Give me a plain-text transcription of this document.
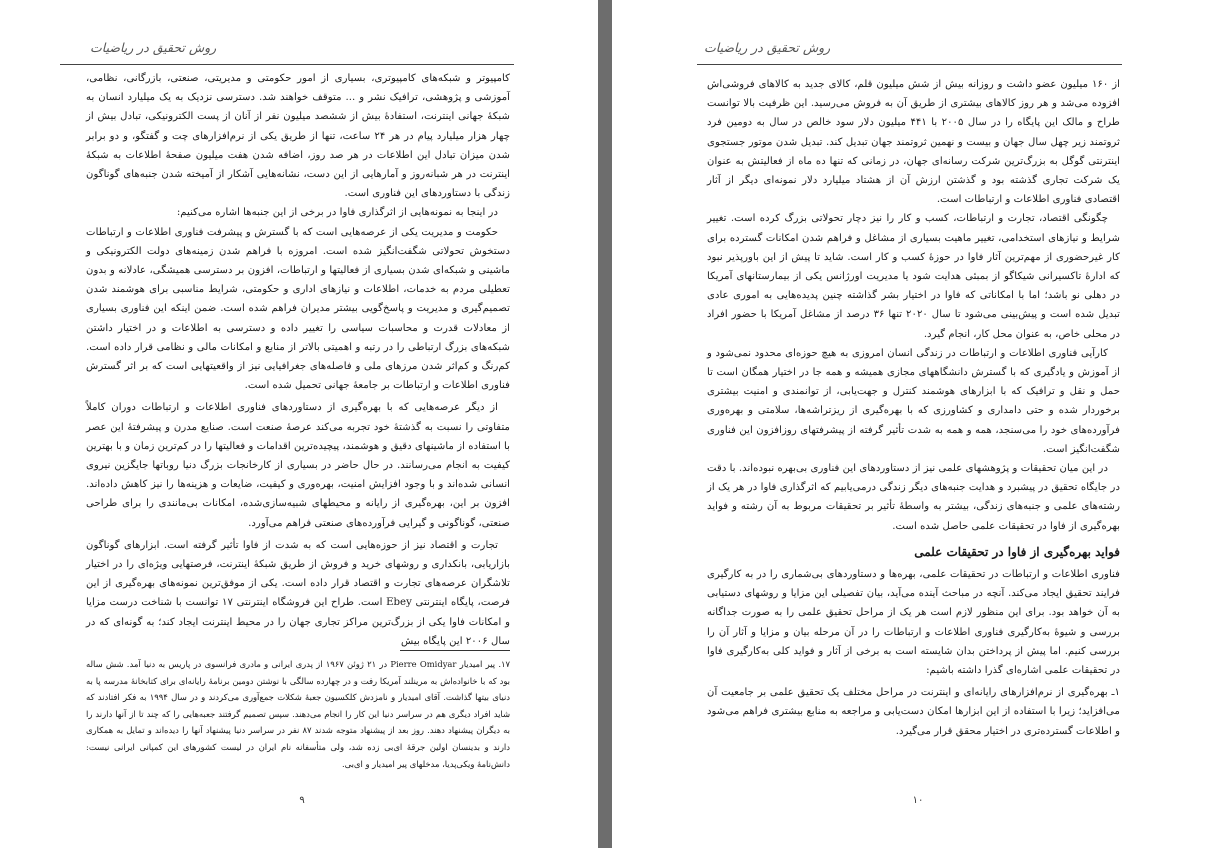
روش تحقیق در ریاضیات

کامپیوتر و شبکه‌های کامپیوتری، بسیاری از امور حکومتی و مدیریتی، صنعتی، بازرگانی، نظامی، آموزشی و پژوهشی، ترافیک نشر و ... متوقف خواهند شد. دسترسی نزدیک به یک میلیارد انسان به شبکهٔ جهانی اینترنت، استفادهٔ بیش از ششصد میلیون نفر از آنان از پست الکترونیکی، تبادل بیش از چهار هزار میلیارد پیام در هر ۲۴ ساعت، تنها از طریق یکی از نرم‌افزارهای چت و گفتگو، و دو برابر شدن میزان تبادل این اطلاعات در هر صد روز، اضافه شدن هفت میلیون صفحهٔ اطلاعات به شبکهٔ اینترنت در هر شبانه‌روز و آمارهایی از این دست، نشانه‌هایی آشکار از آمیخته شدن جنبه‌های گوناگون زندگی با دستاوردهای این فناوری است.

در اینجا به نمونه‌هایی از اثرگذاری فاوا در برخی از این جنبه‌ها اشاره می‌کنیم:

حکومت و مدیریت یکی از عرصه‌هایی است که با گسترش و پیشرفت فناوری اطلاعات و ارتباطات دستخوش تحولاتی شگفت‌انگیز شده است. امروزه با فراهم شدن زمینه‌های دولت الکترونیکی و ماشینی و شبکه‌ای شدن بسیاری از فعالیتها و ارتباطات، افزون بر دسترسی همیشگی، عادلانه و بدون تعطیلی مردم به خدمات، اطلاعات و نیازهای اداری و حکومتی، شرایط مناسبی برای هوشمند شدن تصمیم‌گیری و مدیریت و پاسخ‌گویی بیشتر مدیران فراهم شده است. ضمن اینکه این فناوری بسیاری از معادلات قدرت و محاسبات سیاسی را تغییر داده و دسترسی به اطلاعات و در اختیار داشتن شبکه‌های بزرگ ارتباطی را در رتبه و اهمیتی بالاتر از منابع و امکانات مالی و نظامی قرار داده است. کم‌رنگ و کم‌اثر شدن مرزهای ملی و فاصله‌های جغرافیایی نیز از واقعیتهایی است که بر اثر گسترش فناوری اطلاعات و ارتباطات بر جامعهٔ جهانی تحمیل شده است.

از دیگر عرصه‌هایی که با بهره‌گیری از دستاوردهای فناوری اطلاعات و ارتباطات دوران کاملاً متفاوتی را نسبت به گذشتهٔ خود تجربه می‌کند عرصهٔ صنعت است. صنایع مدرن و پیشرفتهٔ این عصر با استفاده از ماشینهای دقیق و هوشمند، پیچیده‌ترین اقدامات و فعالیتها را در کم‌ترین زمان و با بهترین کیفیت به انجام می‌رسانند. در حال حاضر در بسیاری از کارخانجات بزرگ دنیا روباتها جایگزین نیروی انسانی شده‌اند و با وجود افزایش امنیت، بهره‌وری و کیفیت، ضایعات و هزینه‌ها را نیز کاهش داده‌اند. افزون بر این، بهره‌گیری از رایانه و محیطهای شبیه‌سازی‌شده، امکانات بی‌مانندی را برای طراحی صنعتی، گوناگونی و گیرایی فرآورده‌های صنعتی فراهم می‌آورد.

تجارت و اقتصاد نیز از حوزه‌هایی است که به شدت از فاوا تأثیر گرفته است. ابزارهای گوناگون بازاریابی، بانکداری و روشهای خرید و فروش از طریق شبکهٔ اینترنت، فرصتهایی ویژه‌ای را در اختیار تلاشگران عرصه‌های تجارت و اقتصاد قرار داده است. یکی از موفق‌ترین نمونه‌های بهره‌گیری از این فرصت، پایگاه اینترنتی Ebey است. طراح این فروشگاه اینترنتی ۱۷ توانست با شناخت درست مزایا و امکانات فاوا یکی از بزرگ‌ترین مراکز تجاری جهان را در محیط اینترنت ایجاد کند؛ به گونه‌ای که در سال ۲۰۰۶ این پایگاه بیش

۱۷. پیر امیدیار Pierre Omidyar در ۲۱ ژوئن ۱۹۶۷ از پدری ایرانی و مادری فرانسوی در پاریس به دنیا آمد. شش ساله بود که با خانواده‌اش به مرینلند آمریکا رفت و در چهارده سالگی با نوشتن دومین برنامهٔ رایانه‌ای برای کتابخانهٔ مدرسه پا به دنیای بیتها گذاشت. آقای امیدیار و نامزدش کلکسیون جعبهٔ شکلات جمع‌آوری می‌کردند و در سال ۱۹۹۴ به فکر افتادند که شاید افراد دیگری هم در سراسر دنیا این کار را انجام می‌دهند. سپس تصمیم گرفتند جعبه‌هایی را که چند تا از آنها دارند را به دیگران پیشنهاد دهند. روز بعد از پیشنهاد متوجه شدند ۸۷ نفر در سراسر دنیا پیشنهاد آنها را دیده‌اند و تمایل به همکاری دارند و بدینسان اولین جرقهٔ ای‌بی زده شد، ولی متأسفانه نام ایران در لیست کشورهای این کمپانی ایرانی نیست: دانش‌نامهٔ ویکی‌پدیا، مدخلهای پیر امیدیار و ای‌بی.

۹
روش تحقیق در ریاضیات

از ۱۶۰ میلیون عضو داشت و روزانه بیش از شش میلیون قلم، کالای جدید به کالاهای فروشی‌اش افزوده می‌شد و هر روز کالاهای بیشتری از طریق آن به فروش می‌رسید. این ظرفیت بالا توانست طراح و مالک این پایگاه را در سال ۲۰۰۵ با ۴۴۱ میلیون دلار سود خالص در سال به دومین فرد ثروتمند زیر چهل سال جهان و بیست و نهمین ثروتمند جهان تبدیل کند. تبدیل شدن موتور جستجوی اینترنتی گوگل به بزرگ‌ترین شرکت رسانه‌ای جهان، در زمانی که تنها ده ماه از فعالیتش به عنوان یک شرکت تجاری گذشته بود و گذشتن ارزش آن از هشتاد میلیارد دلار نمونه‌ای دیگر از آثار اقتصادی فناوری اطلاعات و ارتباطات است.

چگونگی اقتصاد، تجارت و ارتباطات، کسب و کار را نیز دچار تحولاتی بزرگ کرده است. تغییر شرایط و نیازهای استخدامی، تغییر ماهیت بسیاری از مشاغل و فراهم شدن امکانات گسترده برای کار غیرحضوری از مهم‌ترین آثار فاوا در حوزهٔ کسب و کار است. شاید تا پیش از این باورپذیر نبود که ادارهٔ تاکسیرانی شیکاگو از بمبئی هدایت شود یا مدیریت اورژانس یکی از بیمارستانهای آمریکا در دهلی نو باشد؛ اما با امکاناتی که فاوا در اختیار بشر گذاشته چنین پدیده‌هایی به اموری عادی تبدیل شده است و پیش‌بینی می‌شود تا سال ۲۰۲۰ تنها ۳۶ درصد از مشاغل آمریکا با حضور افراد در محلی خاص، به عنوان محل کار، انجام گیرد.

کارآیی فناوری اطلاعات و ارتباطات در زندگی انسان امروزی به هیچ حوزه‌ای محدود نمی‌شود و از آموزش و یادگیری که با گسترش دانشگاههای مجازی همیشه و همه جا در اختیار همگان است تا حمل و نقل و ترافیک که با ابزارهای هوشمند کنترل و جهت‌یابی، از توانمندی و امنیت بیشتری برخوردار شده و حتی دامداری و کشاورزی که با بهره‌گیری از ریزتراشه‌ها، سلامتی و بهره‌وری فرآورده‌های خود را می‌سنجد، همه و همه به شدت تأثیر گرفته از پیشرفتهای روزافزون این فناوری شگفت‌انگیز است.

در این میان تحقیقات و پژوهشهای علمی نیز از دستاوردهای این فناوری بی‌بهره نبوده‌اند. با دقت در جایگاه تحقیق در پیشبرد و هدایت جنبه‌های دیگر زندگی درمی‌یابیم که اثرگذاری فاوا در هر یک از رشته‌های علمی و جنبه‌های زندگی، بیشتر به واسطهٔ تأثیر بر تحقیقات مربوط به آن رشته و فواید بهره‌گیری از فاوا در تحقیقات علمی حاصل شده است.

فواید بهره‌گیری از فاوا در تحقیقات علمی

فناوری اطلاعات و ارتباطات در تحقیقات علمی، بهره‌ها و دستاوردهای بی‌شماری را در به کارگیری فرایند تحقیق ایجاد می‌کند. آنچه در مباحث آینده می‌آید، بیان تفصیلی این مزایا و روشهای دستیابی به آن خواهد بود. برای این منظور لازم است هر یک از مراحل تحقیق علمی را به صورت جداگانه بررسی و شیوهٔ به‌کارگیری فناوری اطلاعات و ارتباطات را در آن مرحله بیان و مزایا و آثار آن را بررسی کنیم. اما پیش از پرداختن بدان شایسته است به برخی از آثار و فواید کلی به‌کارگیری فاوا در تحقیقات علمی اشاره‌ای گذرا داشته باشیم:

۱ـ بهره‌گیری از نرم‌افزارهای رایانه‌ای و اینترنت در مراحل مختلف یک تحقیق علمی بر جامعیت آن می‌افزاید؛ زیرا با استفاده از این ابزارها امکان دست‌یابی و مراجعه به منابع بیشتری فراهم می‌شود و اطلاعات گسترده‌تری در اختیار محقق قرار می‌گیرد.

۱۰
